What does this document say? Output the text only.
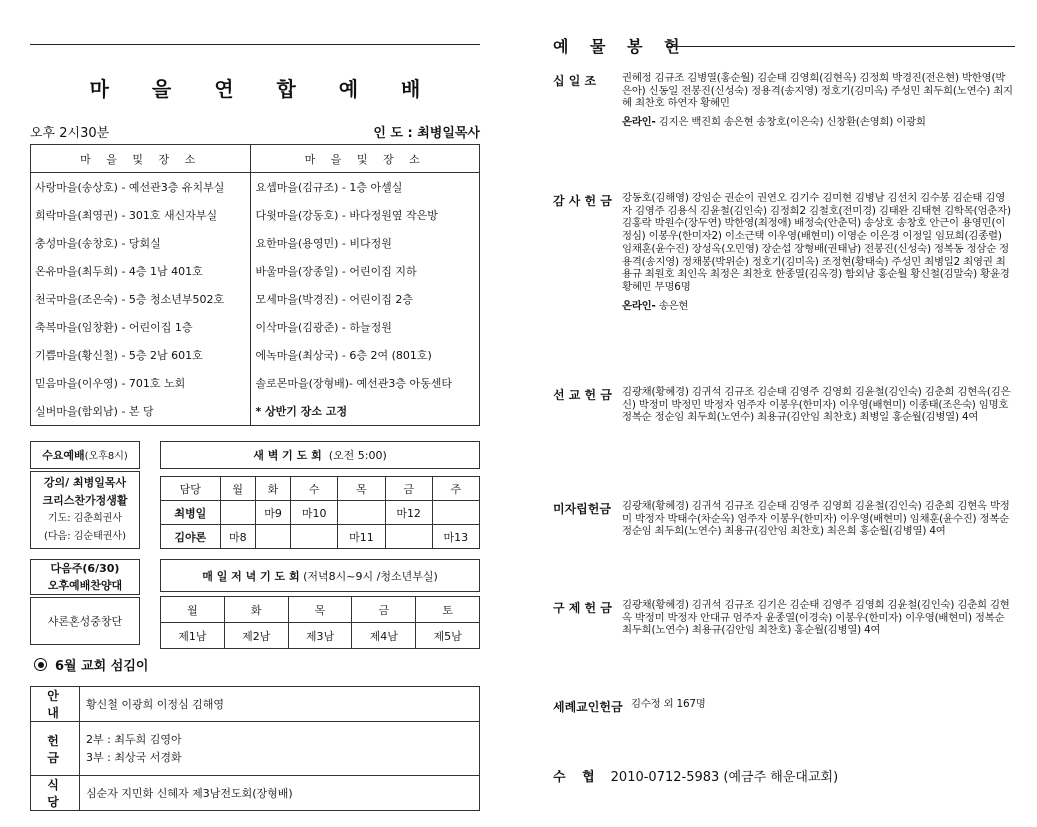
마 을 연 합 예 배
오후 2시30분	인 도 : 최병일목사
마 을 및 장 소	마 을 및 장 소
사랑마을(송상호) - 예선관3층 유치부실	요셉마을(김규조) - 1층 아셀실
희락마을(최영권) - 301호 새신자부실	다윗마을(강동호) - 바다정원옆 작은방
충성마을(송창호) - 당회실	요한마을(용영민) - 비다정원
온유마을(최두희) - 4층 1남 401호	바울마을(장종일) - 어린이집 지하
천국마을(조은숙) - 5층 청소년부502호	모세마을(박경진) - 어린이집 2층
축복마을(임창환) - 어린이집 1층	이삭마을(김광준) - 하늘정원
기쁨마을(황신철) - 5층 2남 601호	에녹마을(최상국) - 6층 2여 (801호)
믿음마을(이우영) - 701호 노회	솔로몬마을(장형배)- 예선관3층 아동센타
실버마을(함외남) - 본 당	* 상반기 장소 고정
수요예배(오후8시)
강의/ 최병일목사
크리스찬가정생활
기도: 김춘희권사
(다음: 김순태권사)
새 벽 기 도 회 (오전 5:00)
담당	월	화	수	목	금	주
최병일		마9	마10		마12	
김야론	마8			마11		마13
다음주(6/30)
오후예배찬양대
샤론혼성중창단
매 일 저 녁 기 도 회 (저녁8시~9시 /청소년부실)
월	화	목	금	토
제1남	제2남	제3남	제4남	제5남
6월 교회 섬김이
안 내	황신철 이광희 이정심 김해영
헌 금	2부 : 최두희 김영아
3부 : 최상국 서경화

식 당	심순자 지민화 신혜자 제3남전도회(장형배)
예 물 봉 헌
십 일 조 권혜정 김규조 김병열(홍순월) 김순태 김영희(김현옥) 김정희 박경진(전은현) 박한영(박은아) 신동일 전봉진(신성숙) 정용격(송지영) 정호기(김미옥) 주성민 최두희(노연수) 최지혜 최찬호 하연자 황혜민
온라인- 김지은 백진희 송은현 송창호(이은숙) 신창환(손영희) 이광희
감 사 헌 금 강동호(김해영) 강임순 권순이 권연오 김기수 김미현 김병남 김선치 김수봉 김순태 김영자 김영주 김용식 김윤철(김인숙) 김정희2 김철호(전미경) 김태완 김태현 김학목(엄춘자) 김홍락 박원수(장두연) 박한영(최정애) 배정숙(안춘덕) 송상호 송창호 안근이 용영민(이정심) 이봉우(한미자2) 이소근택 이우영(배현미) 이영순 이은경 이정일 임묘희(김종렬) 임채훈(윤수진) 장성옥(오민영) 장순섭 장형배(권태남) 전봉진(신성숙) 정복동 정삼순 정용격(송지영) 정채봉(박위순) 정호기(김미옥) 조정현(황태숙) 주성민 최병일2 최영권 최용규 최원호 최인옥 최정은 최찬호 한종열(김옥경) 함외남 홍순월 황신철(김말숙) 황윤경 황혜민 무명6명
온라인- 송은현
선 교 헌 금 김광채(황혜경) 김귀석 김규조 김순태 김영주 김영희 김윤철(김인숙) 김춘희 김현옥(김은신) 박정미 박정민 박정자 엄주자 이봉우(한미자) 이우영(배현미) 이종태(조은숙) 임명호 정복순 정순임 최두희(노연수) 최용규(김안임 최찬호) 최병일 홍순월(김병열) 4여
미자립헌금 김광채(황혜경) 김귀석 김규조 김순태 김영주 김영희 김윤철(김인숙) 김춘희 김현옥 박정미 박정자 박태수(차순옥) 엄주자 이봉우(한미자) 이우영(배현미) 임채훈(윤수진) 정복순 정순임 최두희(노연수) 최용규(김안임 최찬호) 최은희 홍순월(김병열) 4여
구 제 헌 금 김광채(황혜경) 김귀석 김규조 김기은 김순태 김영주 김영희 김윤철(김인숙) 김춘희 김현옥 박정미 박정자 안대규 엄주자 윤종열(이경숙) 이봉우(한미자) 이우영(배현미) 정복순 최두희(노연수) 최용규(김안임 최찬호) 홍순월(김병열) 4여
세례교인헌금 김수정 외 167명
수 협 2010-0712-5983 (예금주 해운대교회)
